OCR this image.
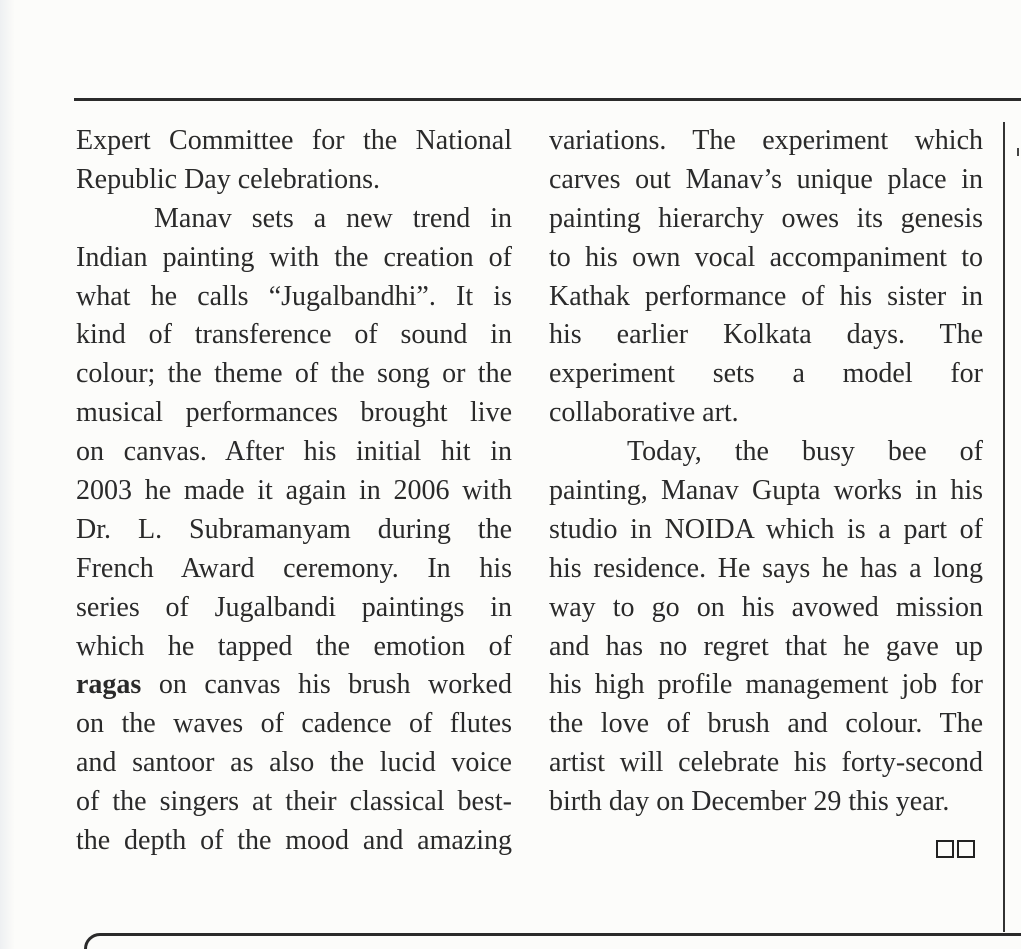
Expert Committee for the National
Republic Day celebrations.
Manav sets a new trend in
Indian painting with the creation of
what he calls “Jugalbandhi”. It is
kind of transference of sound in
colour; the theme of the song or the
musical performances brought live
on canvas. After his initial hit in
2003 he made it again in 2006 with
Dr. L. Subramanyam during the
French Award ceremony. In his
series of Jugalbandi paintings in
which he tapped the emotion of
ragas on canvas his brush worked
on the waves of cadence of flutes
and santoor as also the lucid voice
of the singers at their classical best-
the depth of the mood and amazing
variations. The experiment which
carves out Manav’s unique place in
painting hierarchy owes its genesis
to his own vocal accompaniment to
Kathak performance of his sister in
his earlier Kolkata days. The
experiment sets a model for
collaborative art.
Today, the busy bee of
painting, Manav Gupta works in his
studio in NOIDA which is a part of
his residence. He says he has a long
way to go on his avowed mission
and has no regret that he gave up
his high profile management job for
the love of brush and colour. The
artist will celebrate his forty-second
birth day on December 29 this year.
